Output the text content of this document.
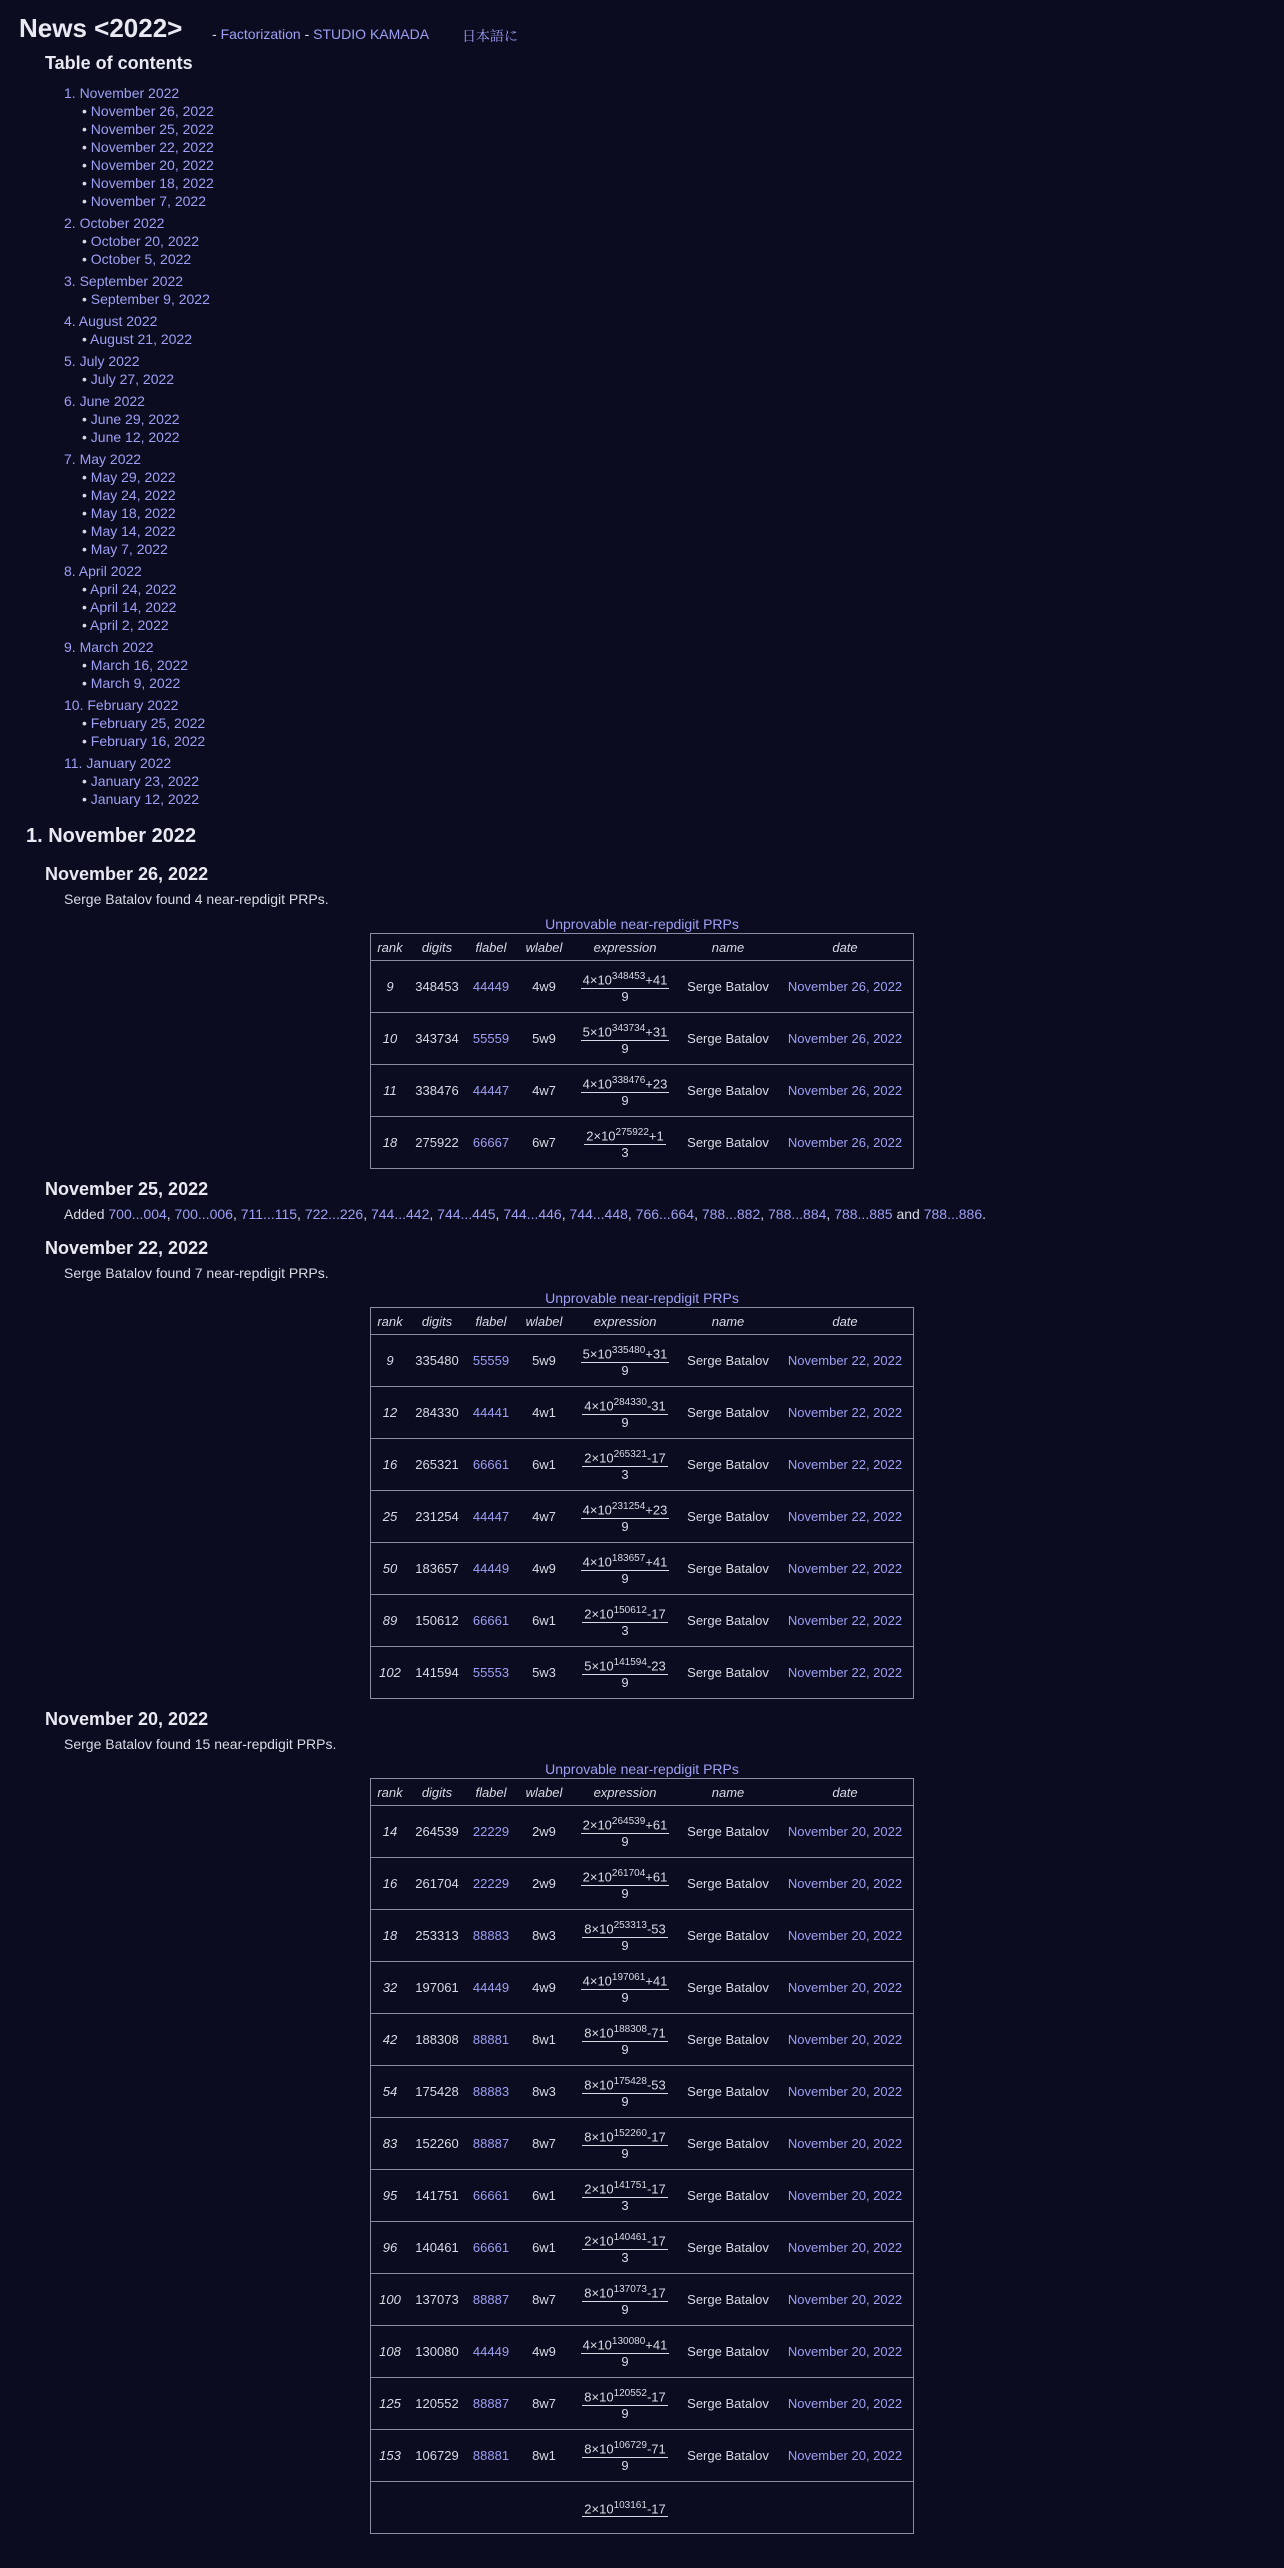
News <2022> - Factorization - STUDIO KAMADA 日本語に
Table of contents
1. November 2022
• November 26, 2022
• November 25, 2022
• November 22, 2022
• November 20, 2022
• November 18, 2022
• November 7, 2022
2. October 2022
• October 20, 2022
• October 5, 2022
3. September 2022
• September 9, 2022
4. August 2022
• August 21, 2022
5. July 2022
• July 27, 2022
6. June 2022
• June 29, 2022
• June 12, 2022
7. May 2022
• May 29, 2022
• May 24, 2022
• May 18, 2022
• May 14, 2022
• May 7, 2022
8. April 2022
• April 24, 2022
• April 14, 2022
• April 2, 2022
9. March 2022
• March 16, 2022
• March 9, 2022
10. February 2022
• February 25, 2022
• February 16, 2022
11. January 2022
• January 23, 2022
• January 12, 2022
1. November 2022
November 26, 2022

Serge Batalov found 4 near-repdigit PRPs.

Unprovable near-repdigit PRPs
rank	digits	flabel	wlabel	expression	name	date
9	348453	44449	4w9	$\frac{4\times 10^{348453}+41}{9}$	Serge Batalov	November 26, 2022
10	343734	55559	5w9	$\frac{5\times 10^{343734}+31}{9}$	Serge Batalov	November 26, 2022
11	338476	44447	4w7	$\frac{4\times 10^{338476}+23}{9}$	Serge Batalov	November 26, 2022
18	275922	66667	6w7	$\frac{2\times 10^{275922}+1}{3}$	Serge Batalov	November 26, 2022
November 25, 2022
Added 700...004, 700...006, 711...115, 722...226, 744...442, 744...445, 744...446, 744...448, 766...664, 788...882, 788...884, 788...885 and 788...886.
November 22, 2022

Serge Batalov found 7 near-repdigit PRPs.

Unprovable near-repdigit PRPs
rank	digits	flabel	wlabel	expression	name	date
9	335480	55559	5w9	$\frac{5\times 10^{335480}+31}{9}$	Serge Batalov	November 22, 2022
12	284330	44441	4w1	$\frac{4\times 10^{284330}-31}{9}$	Serge Batalov	November 22, 2022
16	265321	66661	6w1	$\frac{2\times 10^{265321}-17}{3}$	Serge Batalov	November 22, 2022
25	231254	44447	4w7	$\frac{4\times 10^{231254}+23}{9}$	Serge Batalov	November 22, 2022
50	183657	44449	4w9	$\frac{4\times 10^{183657}+41}{9}$	Serge Batalov	November 22, 2022
89	150612	66661	6w1	$\frac{2\times 10^{150612}-17}{3}$	Serge Batalov	November 22, 2022
102	141594	55553	5w3	$\frac{5\times 10^{141594}-23}{9}$	Serge Batalov	November 22, 2022
November 20, 2022

Serge Batalov found 15 near-repdigit PRPs.

Unprovable near-repdigit PRPs
rank	digits	flabel	wlabel	expression	name	date
14	264539	22229	2w9	$\frac{2\times 10^{264539}+61}{9}$	Serge Batalov	November 20, 2022
16	261704	22229	2w9	$\frac{2\times 10^{261704}+61}{9}$	Serge Batalov	November 20, 2022
18	253313	88883	8w3	$\frac{8\times 10^{253313}-53}{9}$	Serge Batalov	November 20, 2022
32	197061	44449	4w9	$\frac{4\times 10^{197061}+41}{9}$	Serge Batalov	November 20, 2022
42	188308	88881	8w1	$\frac{8\times 10^{188308}-71}{9}$	Serge Batalov	November 20, 2022
54	175428	88883	8w3	$\frac{8\times 10^{175428}-53}{9}$	Serge Batalov	November 20, 2022
83	152260	88887	8w7	$\frac{8\times 10^{152260}-17}{9}$	Serge Batalov	November 20, 2022
95	141751	66661	6w1	$\frac{2\times 10^{141751}-17}{3}$	Serge Batalov	November 20, 2022
96	140461	66661	6w1	$\frac{2\times 10^{140461}-17}{3}$	Serge Batalov	November 20, 2022
100	137073	88887	8w7	$\frac{8\times 10^{137073}-17}{9}$	Serge Batalov	November 20, 2022
108	130080	44449	4w9	$\frac{4\times 10^{130080}+41}{9}$	Serge Batalov	November 20, 2022
125	120552	88887	8w7	$\frac{8\times 10^{120552}-17}{9}$	Serge Batalov	November 20, 2022
153	106729	88881	8w1	$\frac{8\times 10^{106729}-71}{9}$	Serge Batalov	November 20, 2022

				$2\times 10^{103161}-17$		
